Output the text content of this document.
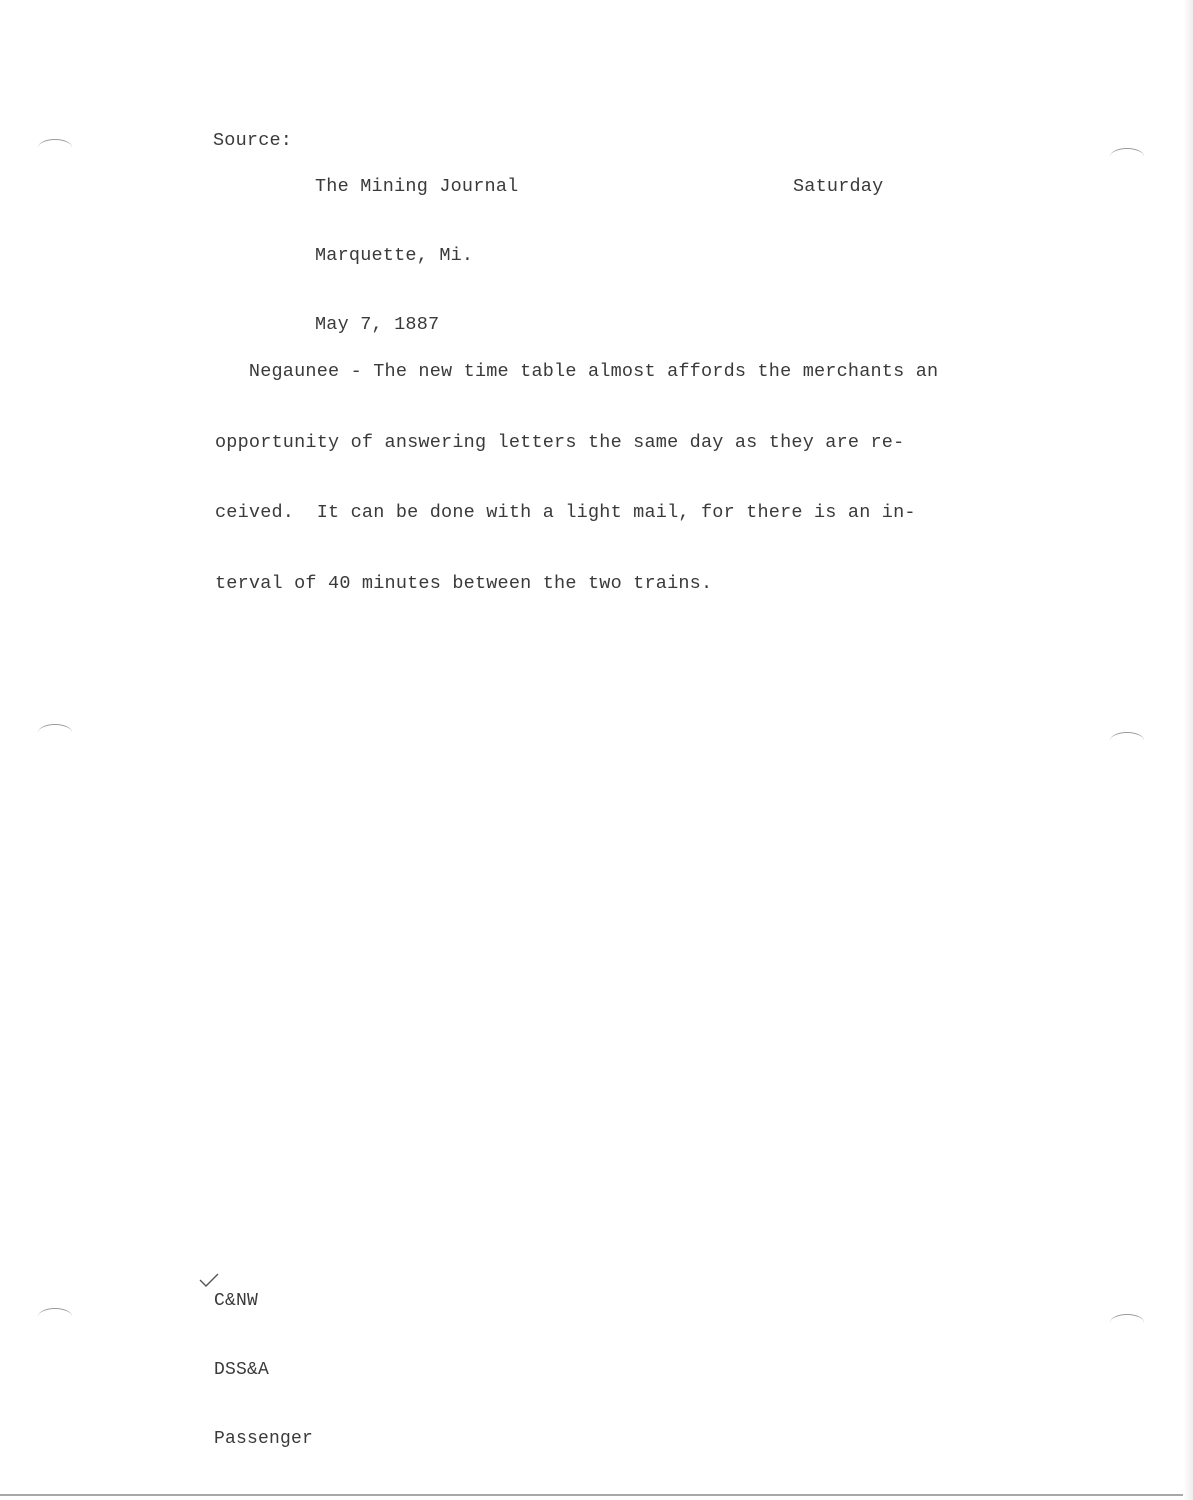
Source:

The Mining Journal

Marquette, Mi.

May 7, 1887

Saturday

Negaunee - The new time table almost affords the merchants an

opportunity of answering letters the same day as they are re-

ceived.  It can be done with a light mail, for there is an in-

terval of 40 minutes between the two trains.

C&NW

DSS&A

Passenger
